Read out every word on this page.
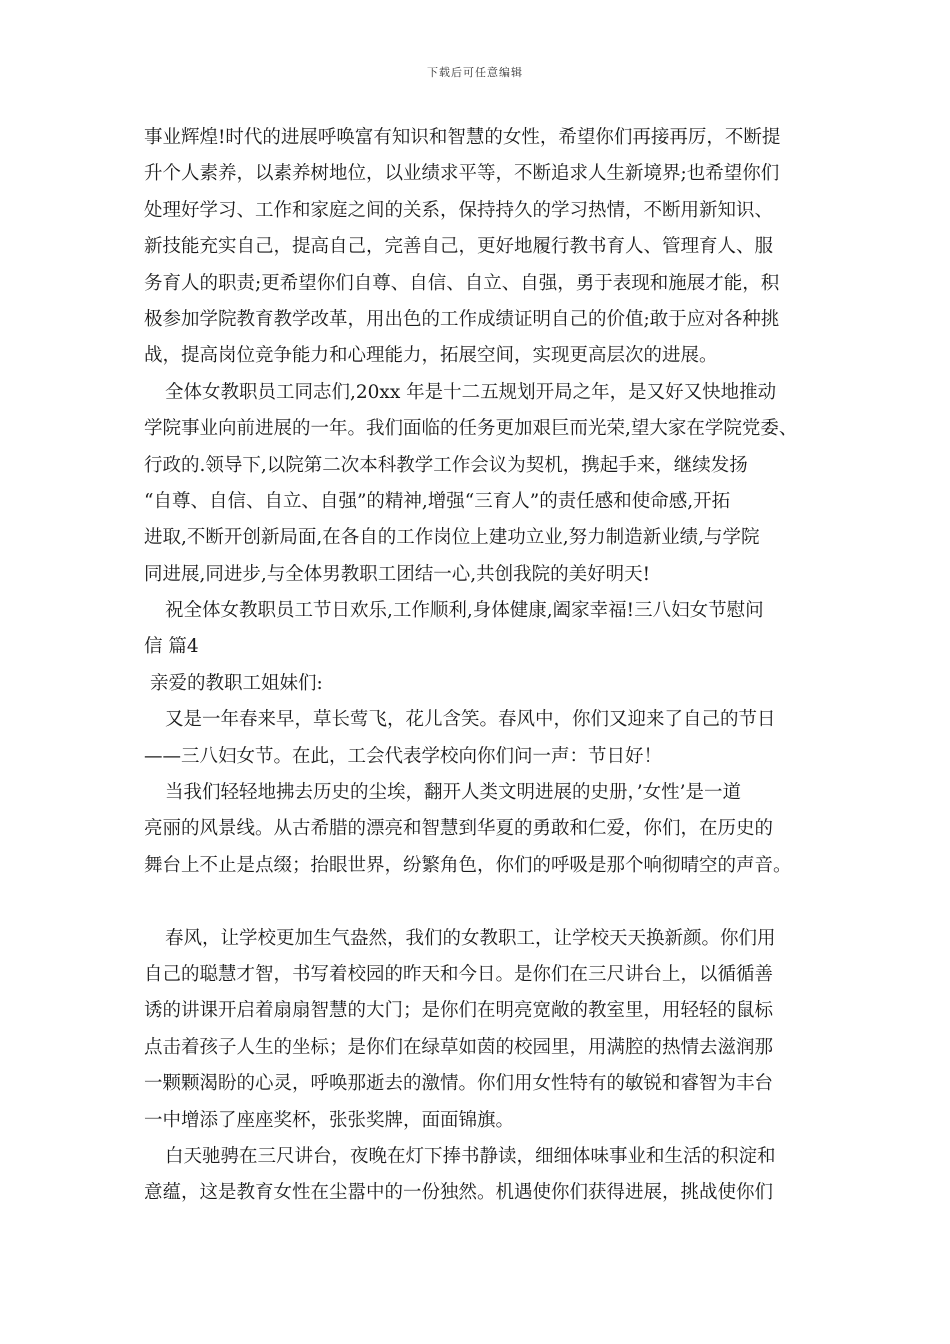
下载后可任意编辑
事业辉煌!时代的进展呼唤富有知识和智慧的女性，希望你们再接再厉，不断提
升个人素养，以素养树地位，以业绩求平等，不断追求人生新境界;也希望你们
处理好学习、工作和家庭之间的关系，保持持久的学习热情，不断用新知识、
新技能充实自己，提高自己，完善自己，更好地履行教书育人、管理育人、服
务育人的职责;更希望你们自尊、自信、自立、自强，勇于表现和施展才能，积
极参加学院教育教学改革，用出色的工作成绩证明自己的价值;敢于应对各种挑
战，提高岗位竞争能力和心理能力，拓展空间，实现更高层次的进展。
全体女教职员工同志们,20xx 年是十二五规划开局之年，是又好又快地推动
学院事业向前进展的一年。我们面临的任务更加艰巨而光荣,望大家在学院党委、
行政的.领导下,以院第二次本科教学工作会议为契机，携起手来，继续发扬
“自尊、自信、自立、自强”的精神,增强“三育人”的责任感和使命感,开拓
进取,不断开创新局面,在各自的工作岗位上建功立业,努力制造新业绩,与学院
同进展,同进步,与全体男教职工团结一心,共创我院的美好明天!
祝全体女教职员工节日欢乐,工作顺利,身体健康,阖家幸福!三八妇女节慰问
信 篇4
亲爱的教职工姐妹们:
又是一年春来早，草长莺飞，花儿含笑。春风中，你们又迎来了自己的节日
——三八妇女节。在此，工会代表学校向你们问一声：节日好！
当我们轻轻地拂去历史的尘埃，翻开人类文明进展的史册，’女性’是一道
亮丽的风景线。从古希腊的漂亮和智慧到华夏的勇敢和仁爱，你们，在历史的
舞台上不止是点缀；抬眼世界，纷繁角色，你们的呼吸是那个响彻晴空的声音。
春风，让学校更加生气盎然，我们的女教职工，让学校天天换新颜。你们用
自己的聪慧才智，书写着校园的昨天和今日。是你们在三尺讲台上，以循循善
诱的讲课开启着扇扇智慧的大门；是你们在明亮宽敞的教室里，用轻轻的鼠标
点击着孩子人生的坐标；是你们在绿草如茵的校园里，用满腔的热情去滋润那
一颗颗渴盼的心灵，呼唤那逝去的激情。你们用女性特有的敏锐和睿智为丰台
一中增添了座座奖杯，张张奖牌，面面锦旗。
白天驰骋在三尺讲台，夜晚在灯下捧书静读，细细体味事业和生活的积淀和
意蕴，这是教育女性在尘嚣中的一份独然。机遇使你们获得进展，挑战使你们
